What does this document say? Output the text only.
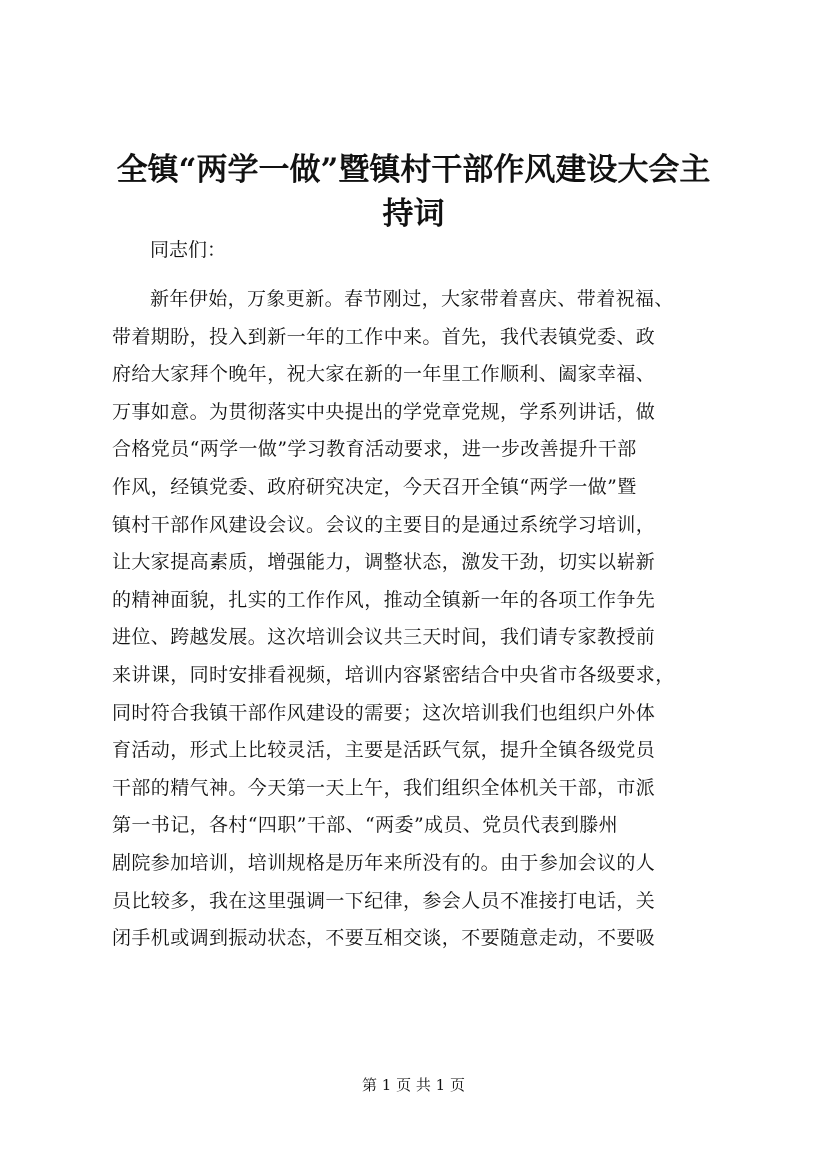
全镇“两学一做”暨镇村干部作风建设大会主
持词

同志们：

新年伊始，万象更新。春节刚过，大家带着喜庆、带着祝福、
带着期盼，投入到新一年的工作中来。首先，我代表镇党委、政
府给大家拜个晚年，祝大家在新的一年里工作顺利、阖家幸福、
万事如意。为贯彻落实中央提出的学党章党规，学系列讲话，做
合格党员“两学一做”学习教育活动要求，进一步改善提升干部
作风，经镇党委、政府研究决定，今天召开全镇“两学一做”暨
镇村干部作风建设会议。会议的主要目的是通过系统学习培训，
让大家提高素质，增强能力，调整状态，激发干劲，切实以崭新
的精神面貌，扎实的工作作风，推动全镇新一年的各项工作争先
进位、跨越发展。这次培训会议共三天时间，我们请专家教授前
来讲课，同时安排看视频，培训内容紧密结合中央省市各级要求，
同时符合我镇干部作风建设的需要；这次培训我们也组织户外体
育活动，形式上比较灵活，主要是活跃气氛，提升全镇各级党员
干部的精气神。今天第一天上午，我们组织全体机关干部，市派
第一书记，各村“四职”干部、“两委”成员、党员代表到滕州
剧院参加培训，培训规格是历年来所没有的。由于参加会议的人
员比较多，我在这里强调一下纪律，参会人员不准接打电话，关
闭手机或调到振动状态，不要互相交谈，不要随意走动，不要吸

第 1 页 共 1 页
